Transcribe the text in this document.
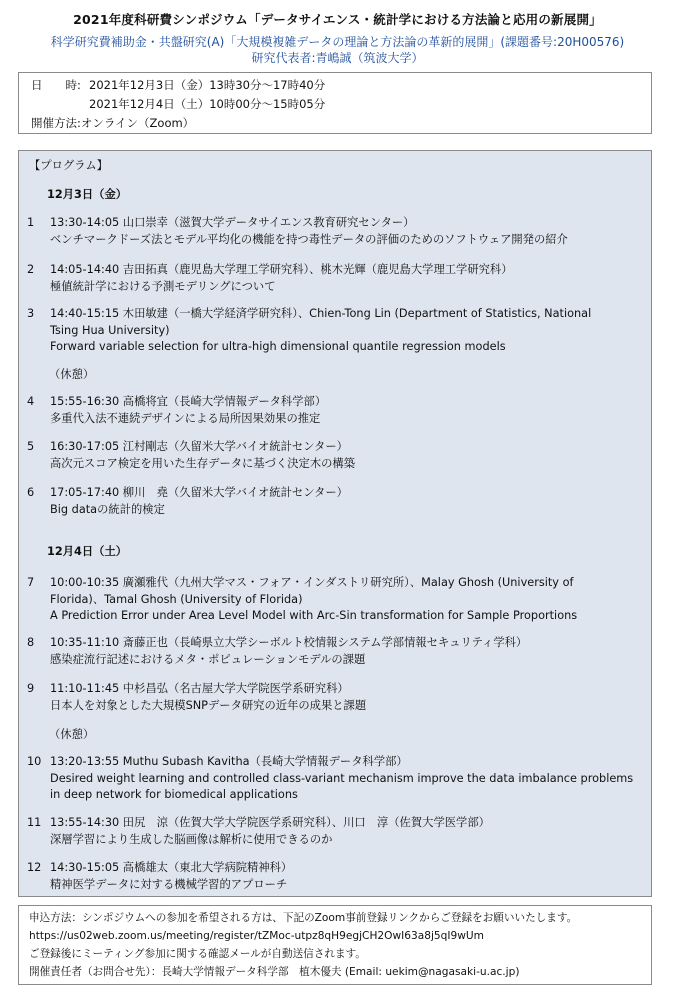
2021年度科研費シンポジウム「データサイエンス・統計学における方法論と応用の新展開」
科学研究費補助金・共盤研究(A)「大規模複雑データの理論と方法論の革新的展開」(課題番号:20H00576)
研究代表者:青嶋誠（筑波大学）
日　　時: 2021年12月3日（金）13時30分～17時40分
2021年12月4日（土）10時00分～15時05分
開催方法:オンライン（Zoom）
【プログラム】
12月3日（金）
1	13:30-14:05 山口崇幸（滋賀大学データサイエンス教育研究センター）
ベンチマークドーズ法とモデル平均化の機能を持つ毒性データの評価のためのソフトウェア開発の紹介
2	14:05-14:40 吉田拓真（鹿児島大学理工学研究科）、桃木光輝（鹿児島大学理工学研究科）
極値統計学における予測モデリングについて
3	14:40-15:15 木田敏建（一橋大学経済学研究科）、Chien-Tong Lin (Department of Statistics, National
Tsing Hua University)
Forward variable selection for ultra-high dimensional quantile regression models
（休憩）
4	15:55-16:30 高橋将宜（長崎大学情報データ科学部）
多重代入法不連続デザインによる局所因果効果の推定
5	16:30-17:05 江村剛志（久留米大学バイオ統計センター）
高次元スコア検定を用いた生存データに基づく決定木の構築
6	17:05-17:40 柳川　堯（久留米大学バイオ統計センター）
Big dataの統計的検定
12月4日（土）
7	10:00-10:35 廣瀬雅代（九州大学マス・フォア・インダストリ研究所）、Malay Ghosh (University of
Florida)、Tamal Ghosh (University of Florida)
A Prediction Error under Area Level Model with Arc-Sin transformation for Sample Proportions
8	10:35-11:10 斎藤正也（長崎県立大学シーボルト校情報システム学部情報セキュリティ学科）
感染症流行記述におけるメタ・ポピュレーションモデルの課題
9	11:10-11:45 中杉昌弘（名古屋大学大学院医学系研究科）
日本人を対象とした大規模SNPデータ研究の近年の成果と課題
（休憩）
10 13:20-13:55 Muthu Subash Kavitha（長崎大学情報データ科学部）
Desired weight learning and controlled class-variant mechanism improve the data imbalance problems
in deep network for biomedical applications
11 13:55-14:30 田尻　涼（佐賀大学大学院医学系研究科）、川口　淳（佐賀大学医学部）
深層学習により生成した脳画像は解析に使用できるのか
12 14:30-15:05 高橋雄太（東北大学病院精神科）
精神医学データに対する機械学習的アプローチ
申込方法：シンポジウムへの参加を希望される方は、下記のZoom事前登録リンクからご登録をお願いいたします。
https://us02web.zoom.us/meeting/register/tZMoc-utpz8qH9egjCH2OwI63a8j5qI9wUm
ご登録後にミーティング参加に関する確認メールが自動送信されます。
開催責任者（お問合せ先）：長崎大学情報データ科学部　植木優夫 (Email: uekim@nagasaki-u.ac.jp)
